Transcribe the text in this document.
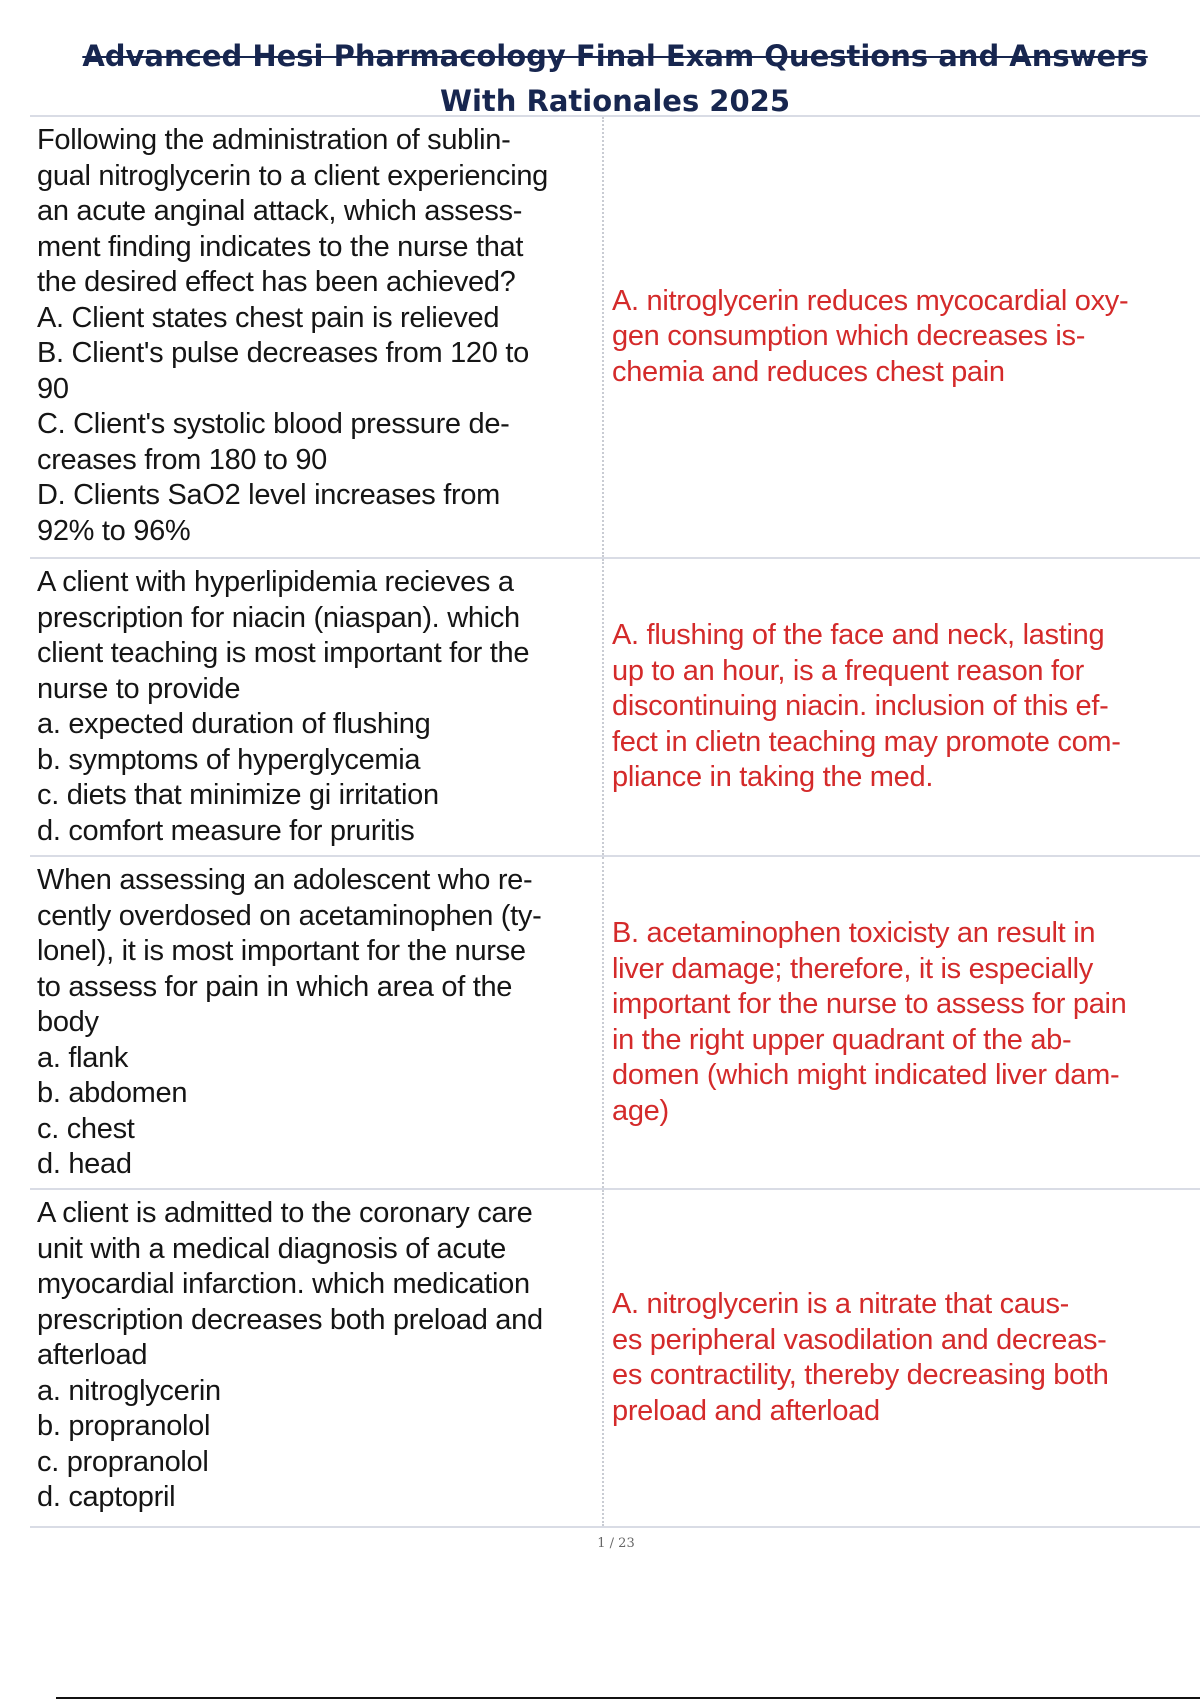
Advanced Hesi Pharmacology Final Exam Questions and Answers
With Rationales 2025
Following the administration of sublin-
gual nitroglycerin to a client experiencing
an acute anginal attack, which assess-
ment finding indicates to the nurse that
the desired effect has been achieved?
A. Client states chest pain is relieved
B. Client's pulse decreases from 120 to
90
C. Client's systolic blood pressure de-
creases from 180 to 90
D. Clients SaO2 level increases from
92% to 96%
A. nitroglycerin reduces mycocardial oxy-
gen consumption which decreases is-
chemia and reduces chest pain
A client with hyperlipidemia recieves a
prescription for niacin (niaspan). which
client teaching is most important for the
nurse to provide
a. expected duration of flushing
b. symptoms of hyperglycemia
c. diets that minimize gi irritation
d. comfort measure for pruritis
A. flushing of the face and neck, lasting
up to an hour, is a frequent reason for
discontinuing niacin. inclusion of this ef-
fect in clietn teaching may promote com-
pliance in taking the med.
When assessing an adolescent who re-
cently overdosed on acetaminophen (ty-
lonel), it is most important for the nurse
to assess for pain in which area of the
body
a. flank
b. abdomen
c. chest
d. head
B. acetaminophen toxicisty an result in
liver damage; therefore, it is especially
important for the nurse to assess for pain
in the right upper quadrant of the ab-
domen (which might indicated liver dam-
age)
A client is admitted to the coronary care
unit with a medical diagnosis of acute
myocardial infarction. which medication
prescription decreases both preload and
afterload
a. nitroglycerin
b. propranolol
c. propranolol
d. captopril
A. nitroglycerin is a nitrate that caus-
es peripheral vasodilation and decreas-
es contractility, thereby decreasing both
preload and afterload
1 / 23
